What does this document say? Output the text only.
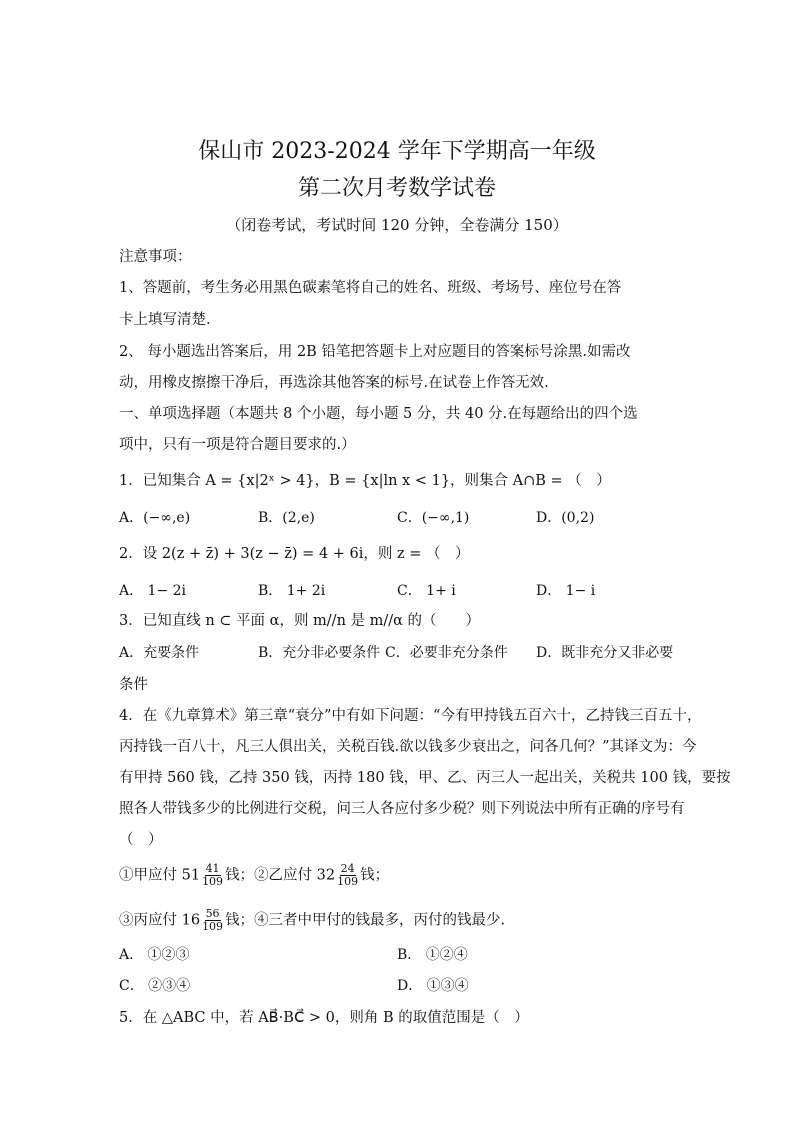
保山市 2023-2024 学年下学期高一年级
第二次月考数学试卷
（闭卷考试，考试时间 120 分钟，全卷满分 150）
注意事项：
1、答题前，考生务必用黑色碳素笔将自己的姓名、班级、考场号、座位号在答
卡上填写清楚.
2、 每小题选出答案后，用 2B 铅笔把答题卡上对应题目的答案标号涂黑.如需改
动，用橡皮擦擦干净后，再选涂其他答案的标号.在试卷上作答无效.
一、单项选择题（本题共 8 个小题，每小题 5 分，共 40 分.在每题给出的四个选
项中，只有一项是符合题目要求的.）
1．已知集合 A = {x|2ˣ > 4}，B = {x|ln x < 1}，则集合 A∩B = （　）
A．(−∞,e)	B．(2,e)	C．(−∞,1)	D．(0,2)
2．设 2(z + z̄) + 3(z − z̄) = 4 + 6i，则 z = （　）
A． 1− 2i	B． 1+ 2i	C． 1+ i	D． 1− i
3．已知直线 n ⊂ 平面 α，则 m//n 是 m//α 的（　　）
A．充要条件	B．充分非必要条件 C．必要非充分条件 D．既非充分又非必要
条件
4．在《九章算术》第三章“衰分”中有如下问题：“今有甲持钱五百六十，乙持钱三百五十，
丙持钱一百八十，凡三人俱出关，关税百钱.欲以钱多少衰出之，问各几何？”其译文为：今
有甲持 560 钱，乙持 350 钱，丙持 180 钱，甲、乙、丙三人一起出关，关税共 100 钱，要按
照各人带钱多少的比例进行交税，问三人各应付多少税？则下列说法中所有正确的序号有
（　）
①甲应付 $51 \frac{41}{109}$ 钱；②乙应付 $32 \frac{24}{109}$ 钱；
③丙应付 $16 \frac{56}{109}$ 钱；④三者中甲付的钱最多，丙付的钱最少.
A． ①②③	B． ①②④
C． ②③④	D． ①③④
5．在 △ABC 中，若 AB⃗·BC⃗ > 0，则角 B 的取值范围是（　）
